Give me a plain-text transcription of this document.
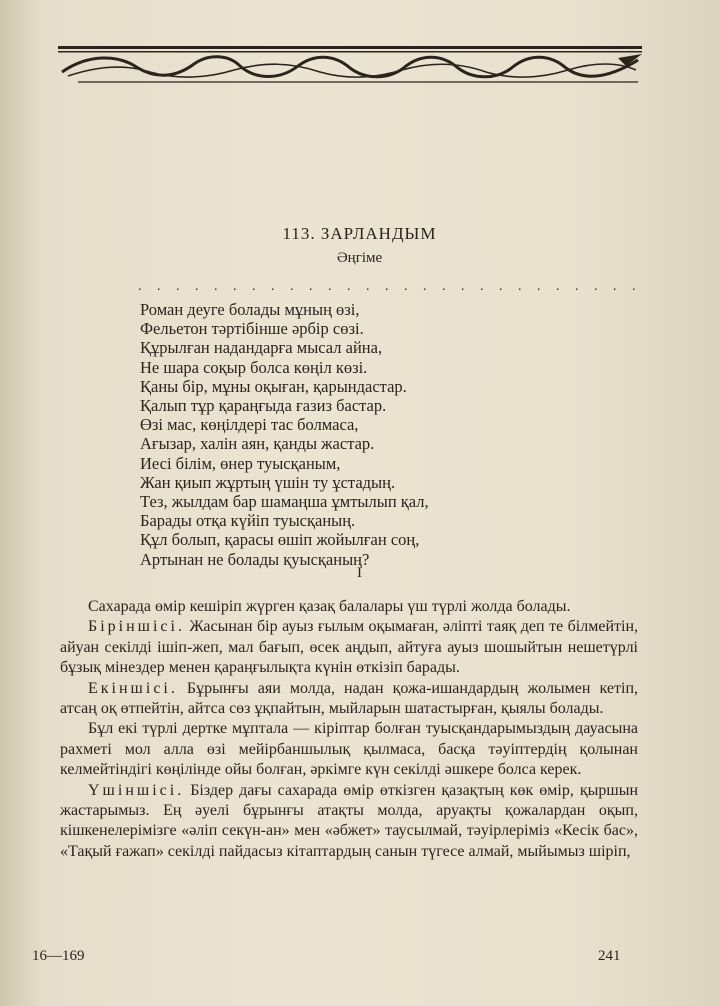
113. ЗАРЛАНДЫМ
Әңгіме
. . . . . . . . . . . . . . . . . . . . . . . . . . .
Роман деуге болады мұның өзі,
Фельетон тәртібінше әрбір сөзі.
Құрылған надандарға мысал айна,
Не шара соқыр болса көңіл көзі.
Қаны бір, мұны оқыған, қарындастар.
Қалып тұр қараңғыда ғазиз бастар.
Өзі мас, көңілдері тас болмаса,
Ағызар, халін аян, қанды жастар.
Иесі білім, өнер туысқаным,
Жан қиып жұртың үшін ту ұстадың.
Тез, жылдам бар шамаңша ұмтылып қал,
Барады отқа күйіп туысқаның.
Құл болып, қарасы өшіп жойылған соң,
Артынан не болады қуысқаның?
I

Сахарада өмір кешіріп жүрген қазақ балалары үш түрлі жолда болады.

Біріншісі. Жасынан бір ауыз ғылым оқымаған, әліпті таяқ деп те білмейтін, айуан секілді ішіп-жеп, мал бағып, өсек аңдып, айтуға ауыз шошыйтын нешетүрлі бұзық мінездер менен қараңғылықта күнін өткізіп барады.

Екіншісі. Бұрынғы аяи молда, надан қожа-ишандардың жолымен кетіп, атсаң оқ өтпейтін, айтса сөз ұқпайтын, мыйларын шатастырған, қыялы болады.

Бұл екі түрлі дертке мұптала — кіріптар болған туысқандарымыздың дауасына рахметі мол алла өзі мейірбаншылық қылмаса, басқа тәуіптердің қолынан келмейтіндігі көңілінде ойы болған, әркімге күн секілді әшкере болса керек.

Үшіншісі. Біздер дағы сахарада өмір өткізген қазақтың көк өмір, қыршын жастарымыз. Ең әуелі бұрынғы атақты молда, аруақты қожалардан оқып, кішкенелерімізге «әліп секүн-ан» мен «әбжет» таусылмай, тәуірлеріміз «Кесік бас», «Тақый ғажап» секілді пайдасыз кітаптардың санын түгесе алмай, мыйымыз шіріп,

16—169	241
